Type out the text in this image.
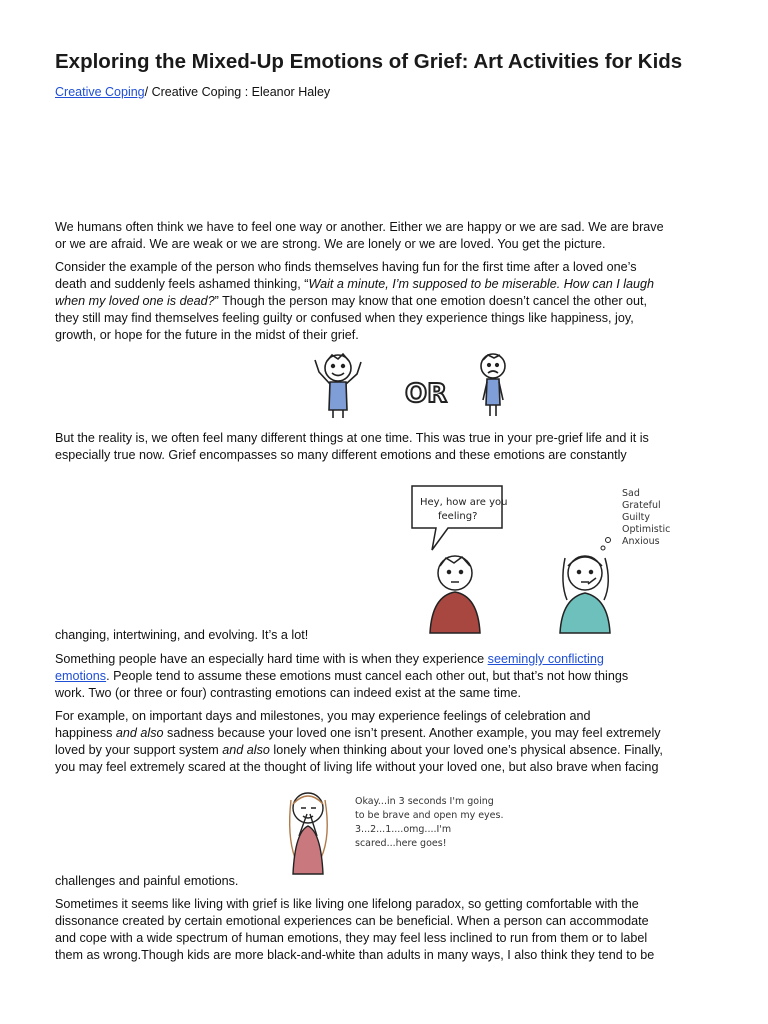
Exploring the Mixed-Up Emotions of Grief: Art Activities for Kids
Creative Coping/ Creative Coping : Eleanor Haley
We humans often think we have to feel one way or another. Either we are happy or we are sad. We are brave
or we are afraid. We are weak or we are strong. We are lonely or we are loved. You get the picture.
Consider the example of the person who finds themselves having fun for the first time after a loved one’s
death and suddenly feels ashamed thinking, “Wait a minute, I’m supposed to be miserable. How can I laugh
when my loved one is dead?” Though the person may know that one emotion doesn’t cancel the other out,
they still may find themselves feeling guilty or confused when they experience things like happiness, joy,
growth, or hope for the future in the midst of their grief.
OR
But the reality is, we often feel many different things at one time. This was true in your pre-grief life and it is
especially true now. Grief encompasses so many different emotions and these emotions are constantly
Hey, how are you
feeling?
Sad
Grateful
Guilty
Optimistic
Anxious
changing, intertwining, and evolving. It’s a lot!
Something people have an especially hard time with is when they experience seemingly conflicting
emotions. People tend to assume these emotions must cancel each other out, but that’s not how things
work. Two (or three or four) contrasting emotions can indeed exist at the same time.
For example, on important days and milestones, you may experience feelings of celebration and
happiness and also sadness because your loved one isn’t present. Another example, you may feel extremely
loved by your support system and also lonely when thinking about your loved one’s physical absence. Finally,
you may feel extremely scared at the thought of living life without your loved one, but also brave when facing
Okay...in 3 seconds I'm going
to be brave and open my eyes.
3...2...1....omg....I'm
scared...here goes!
challenges and painful emotions.
Sometimes it seems like living with grief is like living one lifelong paradox, so getting comfortable with the
dissonance created by certain emotional experiences can be beneficial. When a person can accommodate
and cope with a wide spectrum of human emotions, they may feel less inclined to run from them or to label
them as wrong.Though kids are more black-and-white than adults in many ways, I also think they tend to be
